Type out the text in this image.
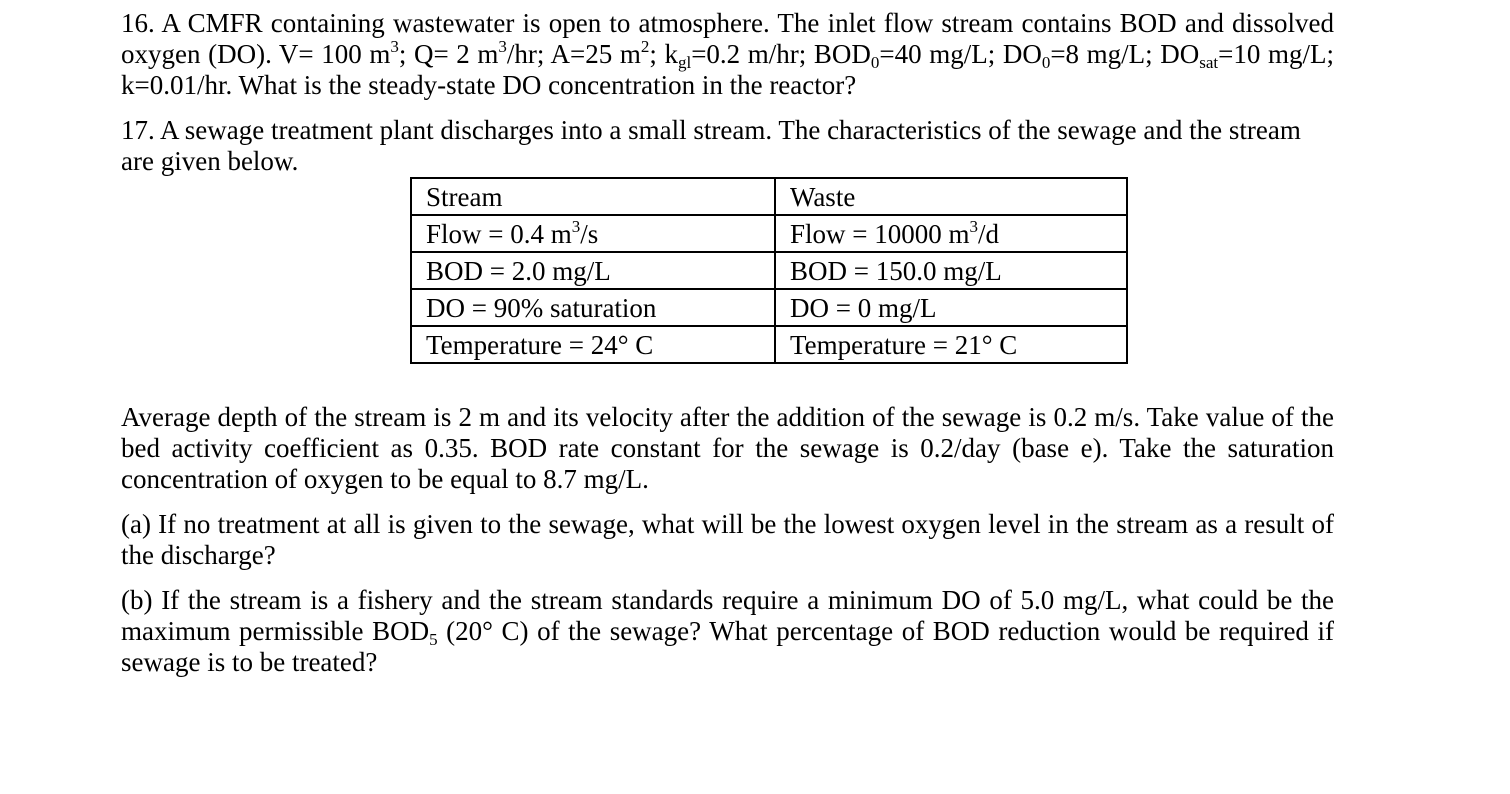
16. A CMFR containing wastewater is open to atmosphere. The inlet flow stream contains BOD and dissolved oxygen (DO). V= 100 $m^3$; Q= 2 $m^3/hr$; A=25 $m^2$; $k_{gl}=0.2$ m/hr; $BOD_0=40$ mg/L; $DO_0=8$ mg/L; $DO_{sat}=10$ mg/L; k=0.01/hr. What is the steady-state DO concentration in the reactor?

17. A sewage treatment plant discharges into a small stream. The characteristics of the sewage and the stream are given below.

Stream	Waste
Flow = 0.4 $m^3/s$	Flow = 10000 $m^3/d$
BOD = 2.0 mg/L	BOD = 150.0 mg/L
DO = 90% saturation	DO = 0 mg/L
Temperature = 24° C	Temperature = 21° C

Average depth of the stream is 2 m and its velocity after the addition of the sewage is 0.2 m/s. Take value of the bed activity coefficient as 0.35. BOD rate constant for the sewage is 0.2/day (base e). Take the saturation concentration of oxygen to be equal to 8.7 mg/L.

(a) If no treatment at all is given to the sewage, what will be the lowest oxygen level in the stream as a result of the discharge?

(b) If the stream is a fishery and the stream standards require a minimum DO of 5.0 mg/L, what could be the maximum permissible $BOD_5$ (20° C) of the sewage? What percentage of BOD reduction would be required if sewage is to be treated?
